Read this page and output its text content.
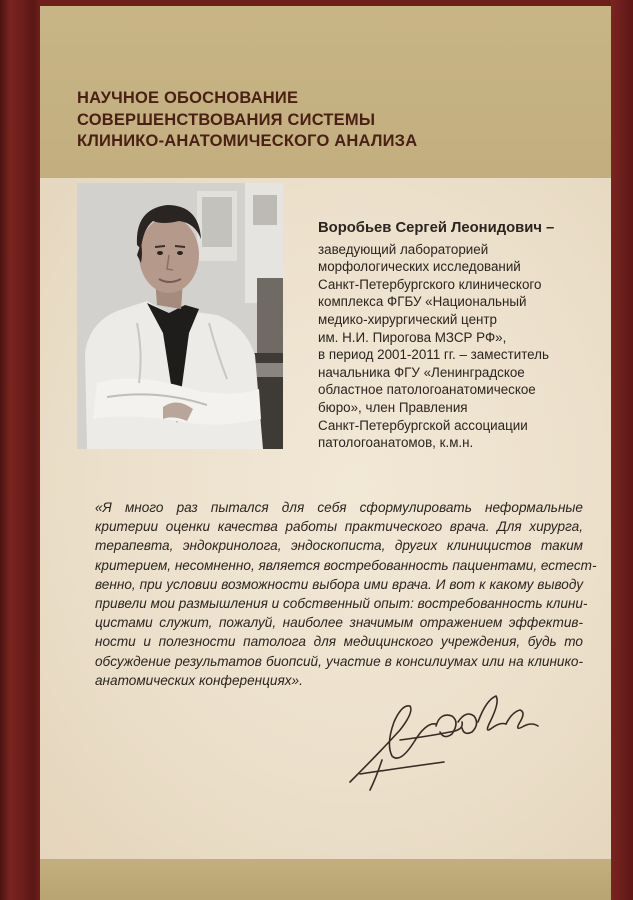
НАУЧНОЕ ОБОСНОВАНИЕ
СОВЕРШЕНСТВОВАНИЯ СИСТЕМЫ
КЛИНИКО-АНАТОМИЧЕСКОГО АНАЛИЗА
Воробьев Сергей Леонидович –
заведующий лабораторией
морфологических исследований
Санкт-Петербургского клинического
комплекса ФГБУ «Национальный
медико-хирургический центр
им. Н.И. Пирогова МЗСР РФ»,
в период 2001-2011 гг. – заместитель
начальника ФГУ «Ленинградское
областное патологоанатомическое
бюро», член Правления
Санкт-Петербургской ассоциации
патологоанатомов, к.м.н.
«Я много раз пытался для себя сформулировать неформальные
критерии оценки качества работы практического врача. Для хирурга,
терапевта, эндокринолога, эндоскописта, других клиницистов таким
критерием, несомненно, является востребованность пациентами, естест-
венно, при условии возможности выбора ими врача. И вот к какому выводу
привели мои размышления и собственный опыт: востребованность клини-
цистами служит, пожалуй, наиболее значимым отражением эффектив-
ности и полезности патолога для медицинского учреждения, будь то
обсуждение результатов биопсий, участие в консилиумах или на клинико-
анатомических конференциях».
